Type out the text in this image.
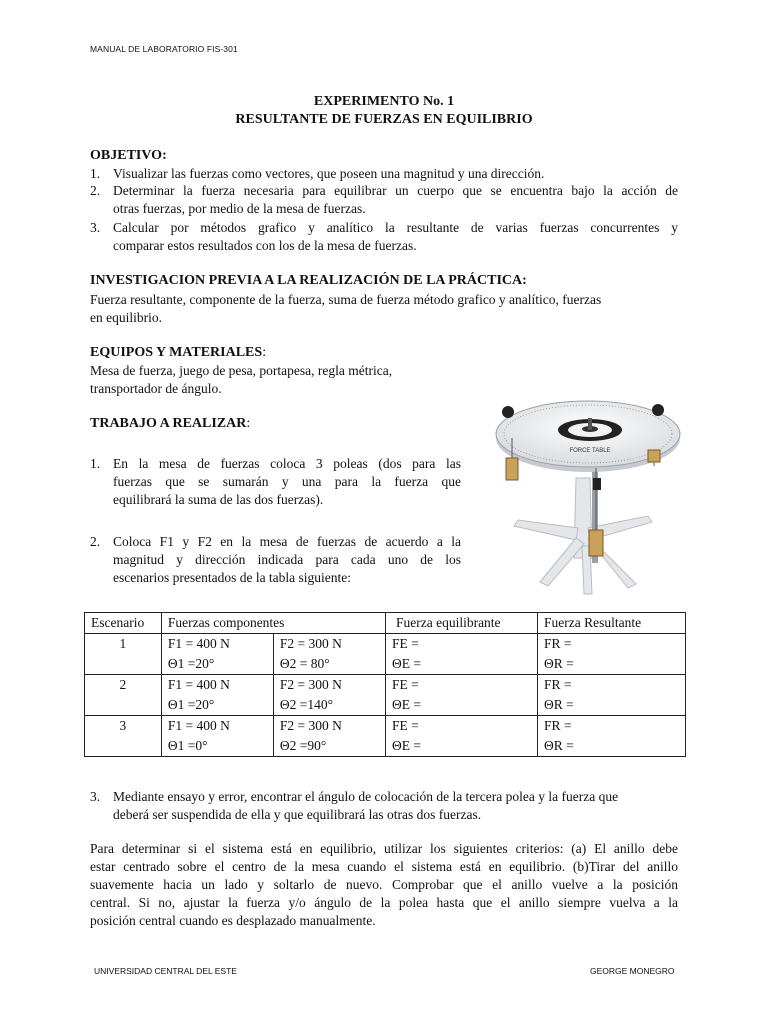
MANUAL DE LABORATORIO FIS-301
EXPERIMENTO No. 1
RESULTANTE DE FUERZAS EN EQUILIBRIO
OBJETIVO:
1. Visualizar las fuerzas como vectores, que poseen una magnitud y una dirección.
2. Determinar la fuerza necesaria para equilibrar un cuerpo que se encuentra bajo la acción de
otras fuerzas, por medio de la mesa de fuerzas.
3. Calcular por métodos grafico y analítico la resultante de varias fuerzas concurrentes y
comparar estos resultados con los de la mesa de fuerzas.
INVESTIGACION PREVIA A LA REALIZACIÓN DE LA PRÁCTICA:
Fuerza resultante, componente de la fuerza, suma de fuerza método grafico y analítico, fuerzas
en equilibrio.
EQUIPOS Y MATERIALES:
Mesa de fuerza, juego de pesa, portapesa, regla métrica,
transportador de ángulo.
TRABAJO A REALIZAR:
1. En la mesa de fuerzas coloca 3 poleas (dos para las
fuerzas que se sumarán y una para la fuerza que
equilibrará la suma de las dos fuerzas).
2. Coloca F1 y F2 en la mesa de fuerzas de acuerdo a la
magnitud y dirección indicada para cada uno de los
escenarios presentados de la tabla siguiente:
FORCE TABLE
Escenario	Fuerzas componentes		Fuerza equilibrante	Fuerza Resultante
1	F1 = 400 N	F2 = 300 N	FE =	FR =
	Θ1 =20°	Θ2 = 80°	ΘE =	ΘR =
2	F1 = 400 N	F2 = 300 N	FE =	FR =
	Θ1 =20°	Θ2 =140°	ΘE =	ΘR =
3	F1 = 400 N	F2 = 300 N	FE =	FR =
	Θ1 =0°	Θ2 =90°	ΘE =	ΘR =
3. Mediante ensayo y error, encontrar el ángulo de colocación de la tercera polea y la fuerza que
deberá ser suspendida de ella y que equilibrará las otras dos fuerzas.
Para determinar si el sistema está en equilibrio, utilizar los siguientes criterios: (a) El anillo debe
estar centrado sobre el centro de la mesa cuando el sistema está en equilibrio. (b)Tirar del anillo
suavemente hacia un lado y soltarlo de nuevo. Comprobar que el anillo vuelve a la posición
central. Si no, ajustar la fuerza y/o ángulo de la polea hasta que el anillo siempre vuelva a la
posición central cuando es desplazado manualmente.
UNIVERSIDAD CENTRAL DEL ESTE	GEORGE MONEGRO
